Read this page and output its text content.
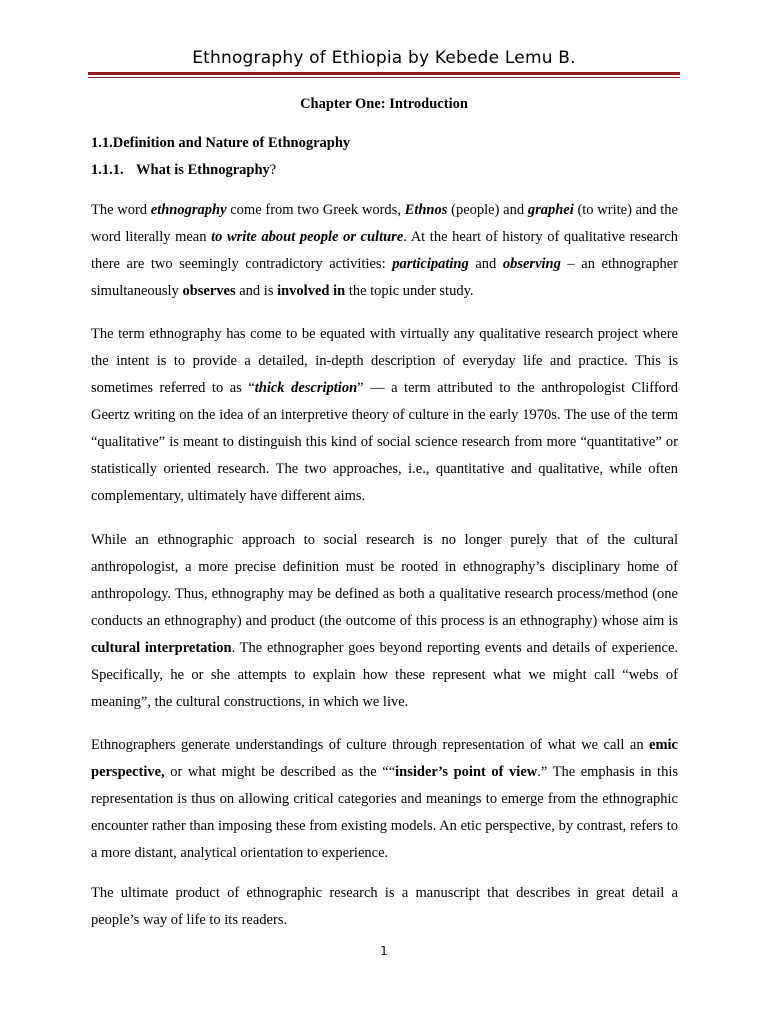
Ethnography of Ethiopia by Kebede Lemu B.
Chapter One: Introduction
1.1.Definition and Nature of Ethnography
1.1.1. What is Ethnography?

The word ethnography come from two Greek words, Ethnos (people) and graphei (to write) and the word literally mean to write about people or culture. At the heart of history of qualitative research there are two seemingly contradictory activities: participating and observing – an ethnographer simultaneously observes and is involved in the topic under study.

The term ethnography has come to be equated with virtually any qualitative research project where the intent is to provide a detailed, in-depth description of everyday life and practice. This is sometimes referred to as “thick description” — a term attributed to the anthropologist Clifford Geertz writing on the idea of an interpretive theory of culture in the early 1970s. The use of the term “qualitative” is meant to distinguish this kind of social science research from more “quantitative” or statistically oriented research. The two approaches, i.e., quantitative and qualitative, while often complementary, ultimately have different aims.

While an ethnographic approach to social research is no longer purely that of the cultural anthropologist, a more precise definition must be rooted in ethnography’s disciplinary home of anthropology. Thus, ethnography may be defined as both a qualitative research process/method (one conducts an ethnography) and product (the outcome of this process is an ethnography) whose aim is cultural interpretation. The ethnographer goes beyond reporting events and details of experience. Specifically, he or she attempts to explain how these represent what we might call “webs of meaning”, the cultural constructions, in which we live.

Ethnographers generate understandings of culture through representation of what we call an emic perspective, or what might be described as the ““insider’s point of view.” The emphasis in this representation is thus on allowing critical categories and meanings to emerge from the ethnographic encounter rather than imposing these from existing models. An etic perspective, by contrast, refers to a more distant, analytical orientation to experience.

The ultimate product of ethnographic research is a manuscript that describes in great detail a people’s way of life to its readers.

1
